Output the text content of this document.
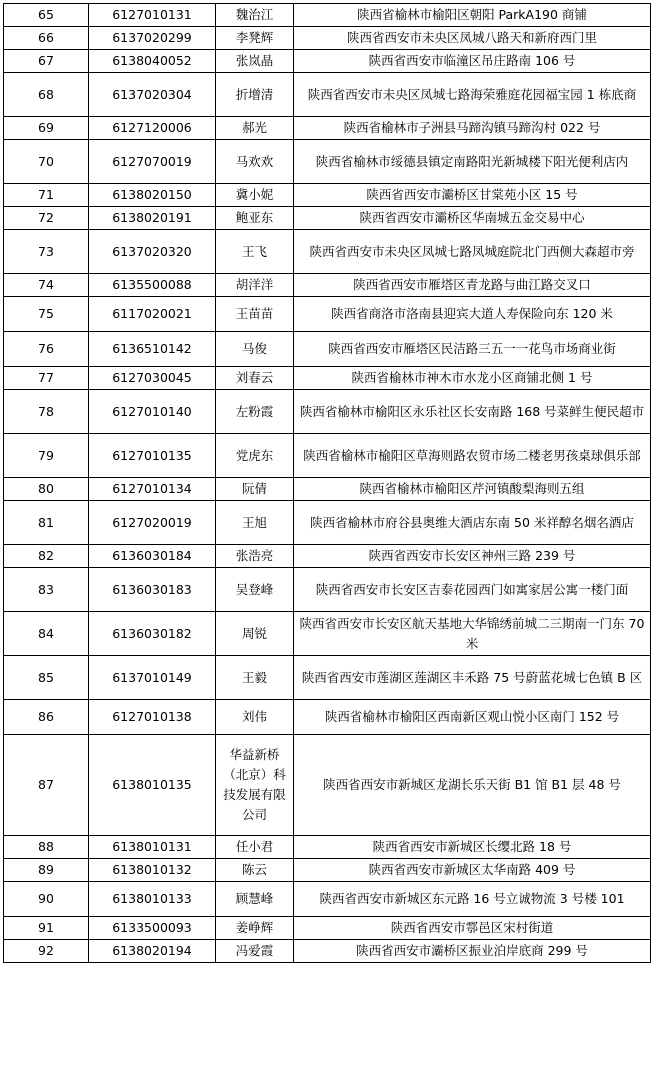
65	6127010131	魏治江	陕西省榆林市榆阳区朝阳 ParkA190 商铺
66	6137020299	李凳辉	陕西省西安市未央区凤城八路天和新府西门里
67	6138040052	张岚晶	陕西省西安市临潼区吊庄路南 106 号
68	6137020304	折增清	陕西省西安市未央区凤城七路海荣雅庭花园福宝园 1 栋底商
69	6127120006	郝光	陕西省榆林市子洲县马蹄沟镇马蹄沟村 022 号
70	6127070019	马欢欢	陕西省榆林市绥德县镇定南路阳光新城楼下阳光便利店内
71	6138020150	冀小妮	陕西省西安市灞桥区甘棠苑小区 15 号
72	6138020191	鲍亚东	陕西省西安市灞桥区华南城五金交易中心
73	6137020320	王飞	陕西省西安市未央区凤城七路凤城庭院北门西侧大森超市旁
74	6135500088	胡洋洋	陕西省西安市雁塔区青龙路与曲江路交叉口
75	6117020021	王苗苗	陕西省商洛市洛南县迎宾大道人寿保险向东 120 米
76	6136510142	马俊	陕西省西安市雁塔区民洁路三五一一花鸟市场商业街
77	6127030045	刘春云	陕西省榆林市神木市水龙小区商铺北侧 1 号
78	6127010140	左粉霞	陕西省榆林市榆阳区永乐社区长安南路 168 号菜鲜生便民超市
79	6127010135	党虎东	陕西省榆林市榆阳区草海则路农贸市场二楼老男孩桌球俱乐部
80	6127010134	阮倩	陕西省榆林市榆阳区芹河镇酸梨海则五组
81	6127020019	王旭	陕西省榆林市府谷县奥维大酒店东南 50 米祥醇名烟名酒店
82	6136030184	张浩亮	陕西省西安市长安区神州三路 239 号
83	6136030183	吴登峰	陕西省西安市长安区吉泰花园西门如寓家居公寓一楼门面
84	6136030182	周锐	陕西省西安市长安区航天基地大华锦绣前城二三期南一门东 70 米
85	6137010149	王毅	陕西省西安市莲湖区莲湖区丰禾路 75 号蔚蓝花城七色镇 B 区
86	6127010138	刘伟	陕西省榆林市榆阳区西南新区观山悦小区南门 152 号
87	6138010135	华益新桥（北京）科技发展有限公司	陕西省西安市新城区龙湖长乐天街 B1 馆 B1 层 48 号
88	6138010131	任小君	陕西省西安市新城区长缨北路 18 号
89	6138010132	陈云	陕西省西安市新城区太华南路 409 号
90	6138010133	顾慧峰	陕西省西安市新城区东元路 16 号立诚物流 3 号楼 101
91	6133500093	姜峥辉	陕西省西安市鄠邑区宋村街道
92	6138020194	冯爱霞	陕西省西安市灞桥区振业泊岸底商 299 号
